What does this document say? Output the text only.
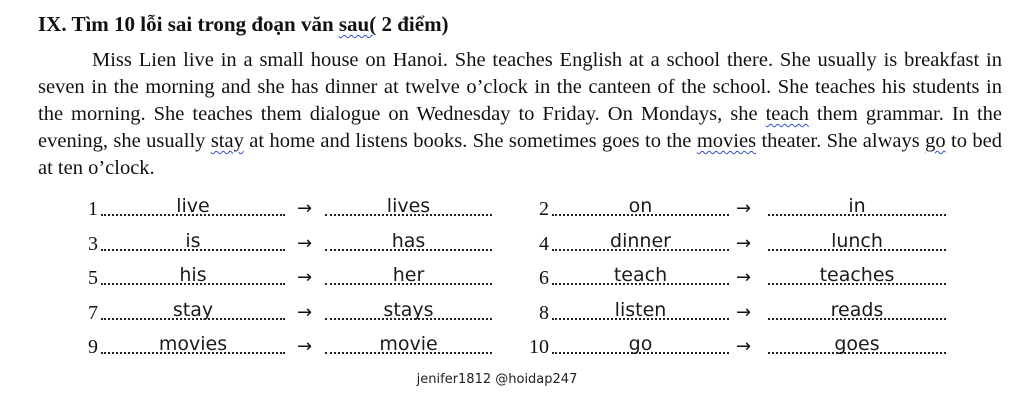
IX. Tìm 10 lỗi sai trong đoạn văn sau( 2 điểm)
Miss Lien live in a small house on Hanoi. She teaches English at a school there. She usually is breakfast in seven in the morning and she has dinner at twelve o’clock in the canteen of the school. She teaches his students in the morning. She teaches them dialogue on Wednesday to Friday. On Mondays, she teach them grammar. In the evening, she usually stay at home and listens books. She sometimes goes to the movies theater. She always go to bed at ten o’clock.
1	live	→	lives	2	on	→	in
3	is	→	has	4	dinner	→	lunch
5	his	→	her	6	teach	→	teaches
7	stay	→	stays	8	listen	→	reads
9	movies	→	movie	10	go	→	goes
jenifer1812 @hoidap247
